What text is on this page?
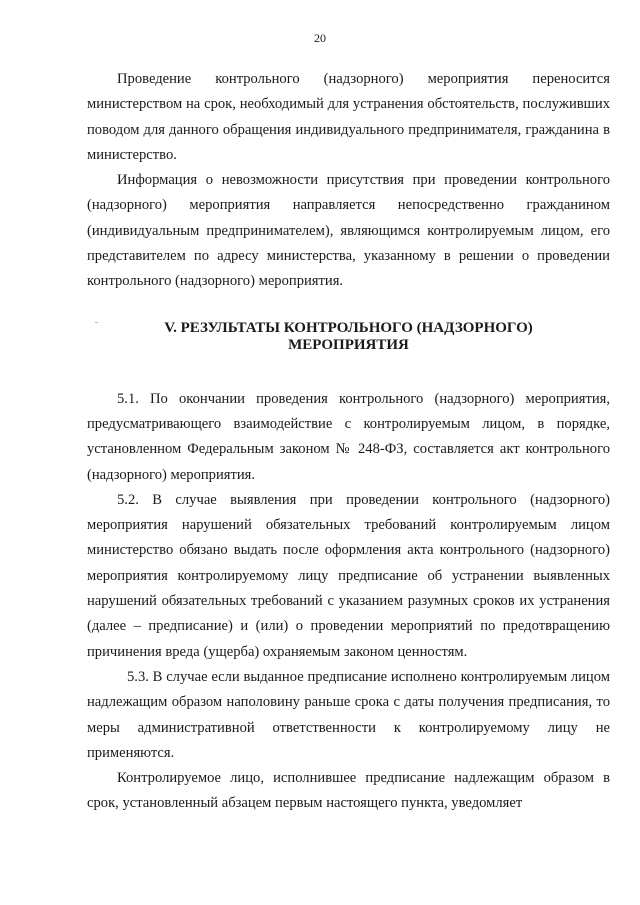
20

Проведение контрольного (надзорного) мероприятия переносится министерством на срок, необходимый для устранения обстоятельств, послуживших поводом для данного обращения индивидуального предпринимателя, гражданина в министерство.

Информация о невозможности присутствия при проведении контрольного (надзорного) мероприятия направляется непосредственно гражданином (индивидуальным предпринимателем), являющимся контролируемым лицом, его представителем по адресу министерства, указанному в решении о проведении контрольного (надзорного) мероприятия.

V. РЕЗУЛЬТАТЫ КОНТРОЛЬНОГО (НАДЗОРНОГО)
МЕРОПРИЯТИЯ

5.1. По окончании проведения контрольного (надзорного) мероприятия, предусматривающего взаимодействие с контролируемым лицом, в порядке, установленном Федеральным законом № 248-ФЗ, составляется акт контрольного (надзорного) мероприятия.

5.2. В случае выявления при проведении контрольного (надзорного) мероприятия нарушений обязательных требований контролируемым лицом министерство обязано выдать после оформления акта контрольного (надзорного) мероприятия контролируемому лицу предписание об устранении выявленных нарушений обязательных требований с указанием разумных сроков их устранения (далее – предписание) и (или) о проведении мероприятий по предотвращению причинения вреда (ущерба) охраняемым законом ценностям.

5.3. В случае если выданное предписание исполнено контролируемым лицом надлежащим образом наполовину раньше срока с даты получения предписания, то меры административной ответственности к контролируемому лицу не применяются.

Контролируемое лицо, исполнившее предписание надлежащим образом в срок, установленный абзацем первым настоящего пункта, уведомляет
